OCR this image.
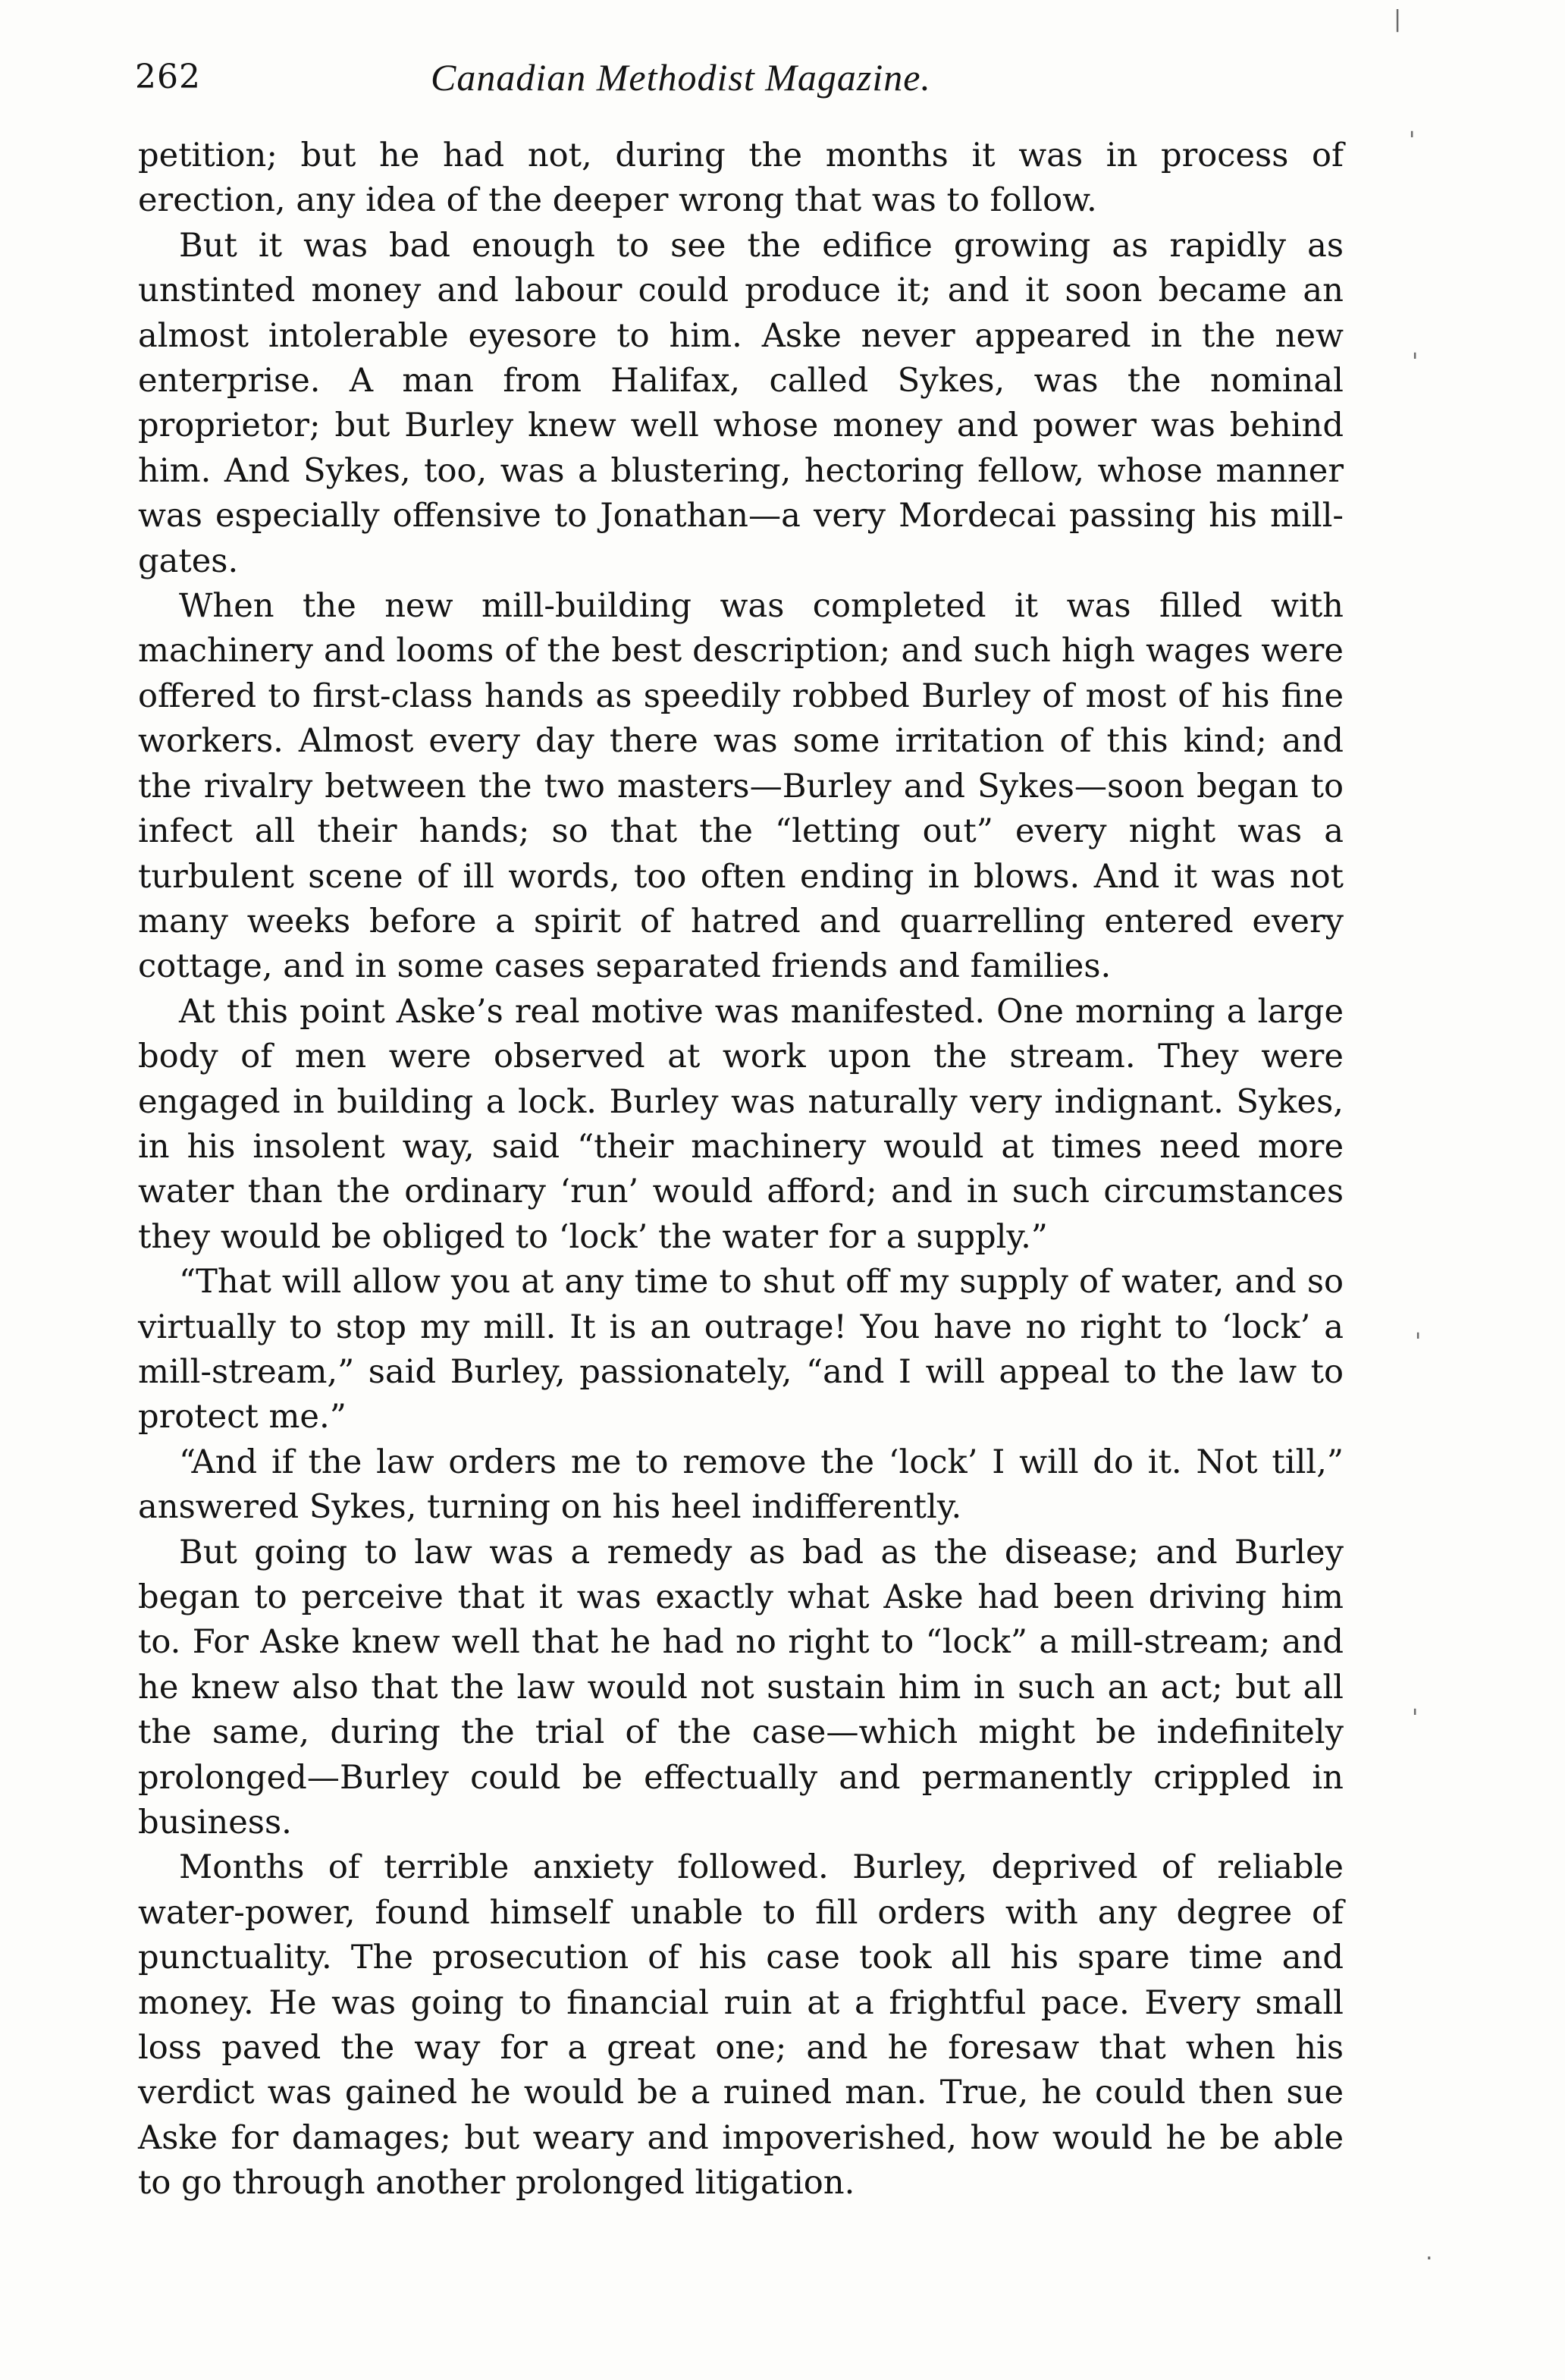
262	Canadian Methodist Magazine.

petition; but he had not, during the months it was in process of erection, any idea of the deeper wrong that was to follow.

But it was bad enough to see the edifice growing as rapidly as unstinted money and labour could produce it; and it soon became an almost intolerable eyesore to him. Aske never appeared in the new enterprise. A man from Halifax, called Sykes, was the nominal proprietor; but Burley knew well whose money and power was behind him. And Sykes, too, was a blustering, hectoring fellow, whose manner was especially offensive to Jonathan—a very Mordecai passing his mill-gates.

When the new mill-building was completed it was filled with machinery and looms of the best description; and such high wages were offered to first-class hands as speedily robbed Burley of most of his fine workers. Almost every day there was some irritation of this kind; and the rivalry between the two masters—Burley and Sykes—soon began to infect all their hands; so that the “letting out” every night was a turbulent scene of ill words, too often ending in blows. And it was not many weeks before a spirit of hatred and quarrelling entered every cottage, and in some cases separated friends and families.

At this point Aske’s real motive was manifested. One morning a large body of men were observed at work upon the stream. They were engaged in building a lock. Burley was naturally very indignant. Sykes, in his insolent way, said “their machinery would at times need more water than the ordinary ‘run’ would afford; and in such circumstances they would be obliged to ‘lock’ the water for a supply.”

“That will allow you at any time to shut off my supply of water, and so virtually to stop my mill. It is an outrage! You have no right to ‘lock’ a mill-stream,” said Burley, passionately, “and I will appeal to the law to protect me.”

“And if the law orders me to remove the ‘lock’ I will do it. Not till,” answered Sykes, turning on his heel indifferently.

But going to law was a remedy as bad as the disease; and Burley began to perceive that it was exactly what Aske had been driving him to. For Aske knew well that he had no right to “lock” a mill-stream; and he knew also that the law would not sustain him in such an act; but all the same, during the trial of the case—which might be indefinitely prolonged—Burley could be effectually and permanently crippled in business.

Months of terrible anxiety followed. Burley, deprived of reliable water-power, found himself unable to fill orders with any degree of punctuality. The prosecution of his case took all his spare time and money. He was going to financial ruin at a frightful pace. Every small loss paved the way for a great one; and he foresaw that when his verdict was gained he would be a ruined man. True, he could then sue Aske for damages; but weary and impoverished, how would he be able to go through another prolonged litigation.

|
'
'
'
'
.
